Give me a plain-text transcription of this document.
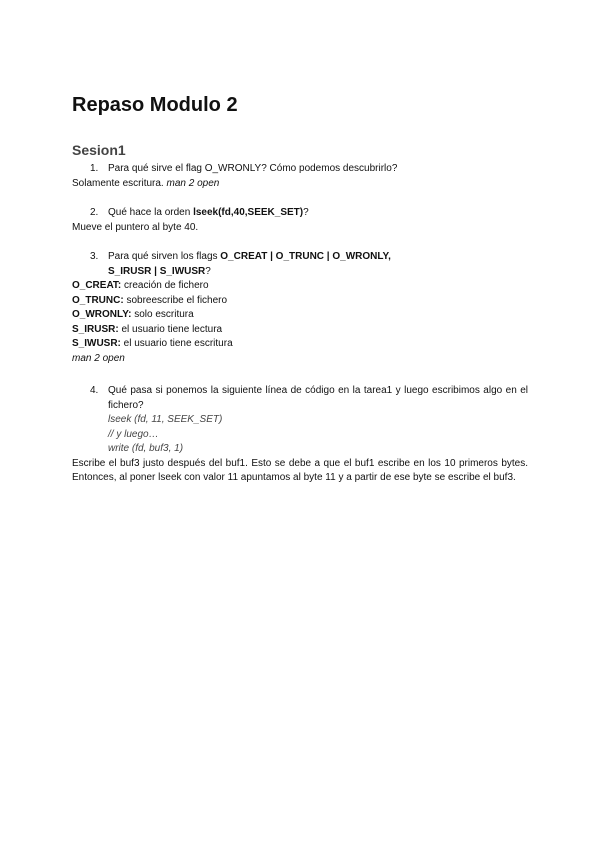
Repaso Modulo 2
Sesion1
1. Para qué sirve el flag O_WRONLY? Cómo podemos descubrirlo?

Solamente escritura. man 2 open

2. Qué hace la orden lseek(fd,40,SEEK_SET)?

Mueve el puntero al byte 40.

3. Para qué sirven los flags O_CREAT | O_TRUNC | O_WRONLY,
S_IRUSR | S_IWUSR?

O_CREAT: creación de fichero

O_TRUNC: sobreescribe el fichero

O_WRONLY: solo escritura

S_IRUSR: el usuario tiene lectura

S_IWUSR: el usuario tiene escritura

man 2 open

4. Qué pasa si ponemos la siguiente línea de código en la tarea1 y luego escribimos algo en el fichero?

lseek (fd, 11, SEEK_SET)

// y luego…

write (fd, buf3, 1)

Escribe el buf3 justo después del buf1. Esto se debe a que el buf1 escribe en los 10 primeros bytes. Entonces, al poner lseek con valor 11 apuntamos al byte 11 y a partir de ese byte se escribe el buf3.
